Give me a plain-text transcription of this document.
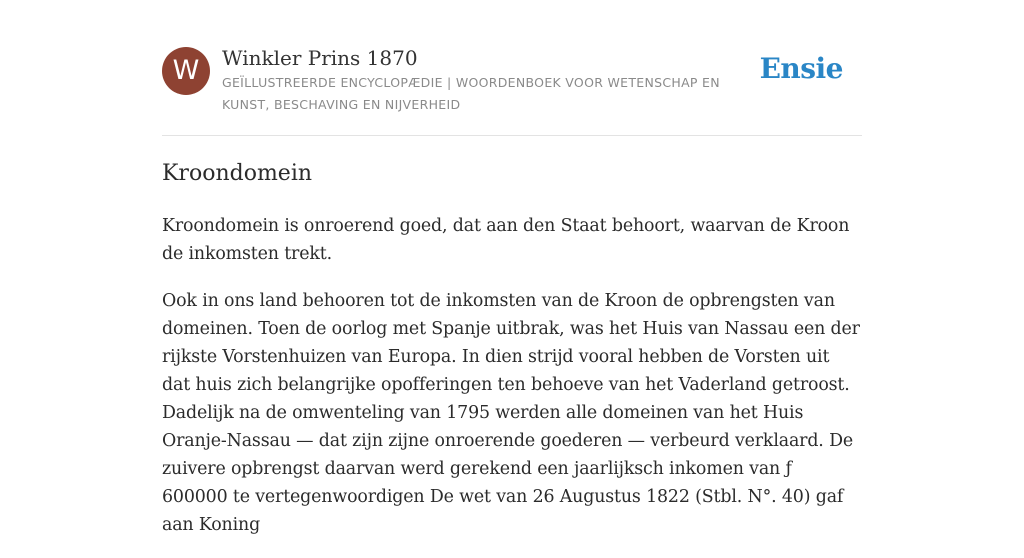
W	Winkler Prins 1870
GEÏLLUSTREERDE ENCYCLOPÆDIE | WOORDENBOEK VOOR WETENSCHAP EN KUNST, BESCHAVING EN NIJVERHEID
Ensie
Kroondomein

Kroondomein is onroerend goed, dat aan den Staat behoort, waarvan de Kroon de inkomsten trekt.

Ook in ons land behooren tot de inkomsten van de Kroon de opbrengsten van domeinen. Toen de oorlog met Spanje uitbrak, was het Huis van Nassau een der rijkste Vorstenhuizen van Europa. In dien strijd vooral hebben de Vorsten uit dat huis zich belangrijke opofferingen ten behoeve van het Vaderland getroost. Dadelijk na de omwenteling van 1795 werden alle domeinen van het Huis Oranje-Nassau — dat zijn zijne onroerende goederen — verbeurd verklaard. De zuivere opbrengst daarvan werd gerekend een jaarlijksch inkomen van ƒ 600000 te vertegenwoordigen De wet van 26 Augustus 1822 (Stbl. N°. 40) gaf aan Koning
